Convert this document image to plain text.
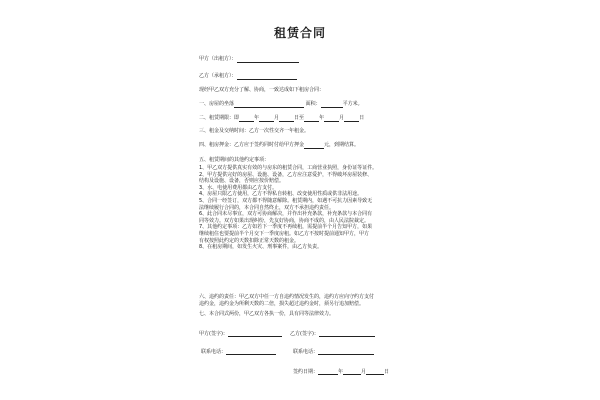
租赁合同
甲方（出租方）：
乙方（承租方）：
现经甲乙双方充分了解、协商，一致达成如下租房合同：
一、房屋的坐落	面积：	平方米。
二、租赁期限：即	年	月	日至	年	月	日
三、租金及交纳时间：乙方一次性交齐一年租金。
四、租房押金：乙方应于签约同时付给甲方押金	元，到期结算。
五、租赁期间的其他约定事项：
1、甲乙双方提供真实有效的与房东的租赁合同，工商营业执照，身份证等证件。
2、甲方提供完好的房屋、设施、设备，乙方应注意爱护，不得破坏房屋装修、
结构及设施、设备，否则应按价赔偿。
3、水、电使用费用都由乙方支付。
4、房屋只限乙方使用，乙方不得私自转租、改变使用性质或供非法用途。
5、合同一经签订，双方都不得随意解除。租赁期内，如遇不可抗力因素导致无
法继续履行合同的，本合同自然终止，双方不承担违约责任。
6、此合同未尽事宜，双方可协商解决，并作出补充条款，补充条款与本合同有
同等效力。双方如果出现纠纷，先友好协商，协商不成的，由人民法院裁定。
7、其他约定事项：乙方如若下一季度不再续租，需提前半个月告知甲方，如果
继续租住也要提前半个月交下一季度房租。如乙方不按时提前通知甲方，甲方
有权按照此约定的天数扣除正常天数的租金。
8、在租房期间，如发生火灾、刑事案件，由乙方负责。
六、违约的责任：甲乙双方中任一方自违约情况发生的，违约方应向守约方支付
违约金，违约金为所剩天数的二倍，损失超过违约金时，须另行追加赔偿。
七、本合同式两份，甲乙双方各执一份，具有同等法律效力。
甲方(签字)：	乙方(签字)：
联系电话：	联系电话：
签约日期：	年	月	日
